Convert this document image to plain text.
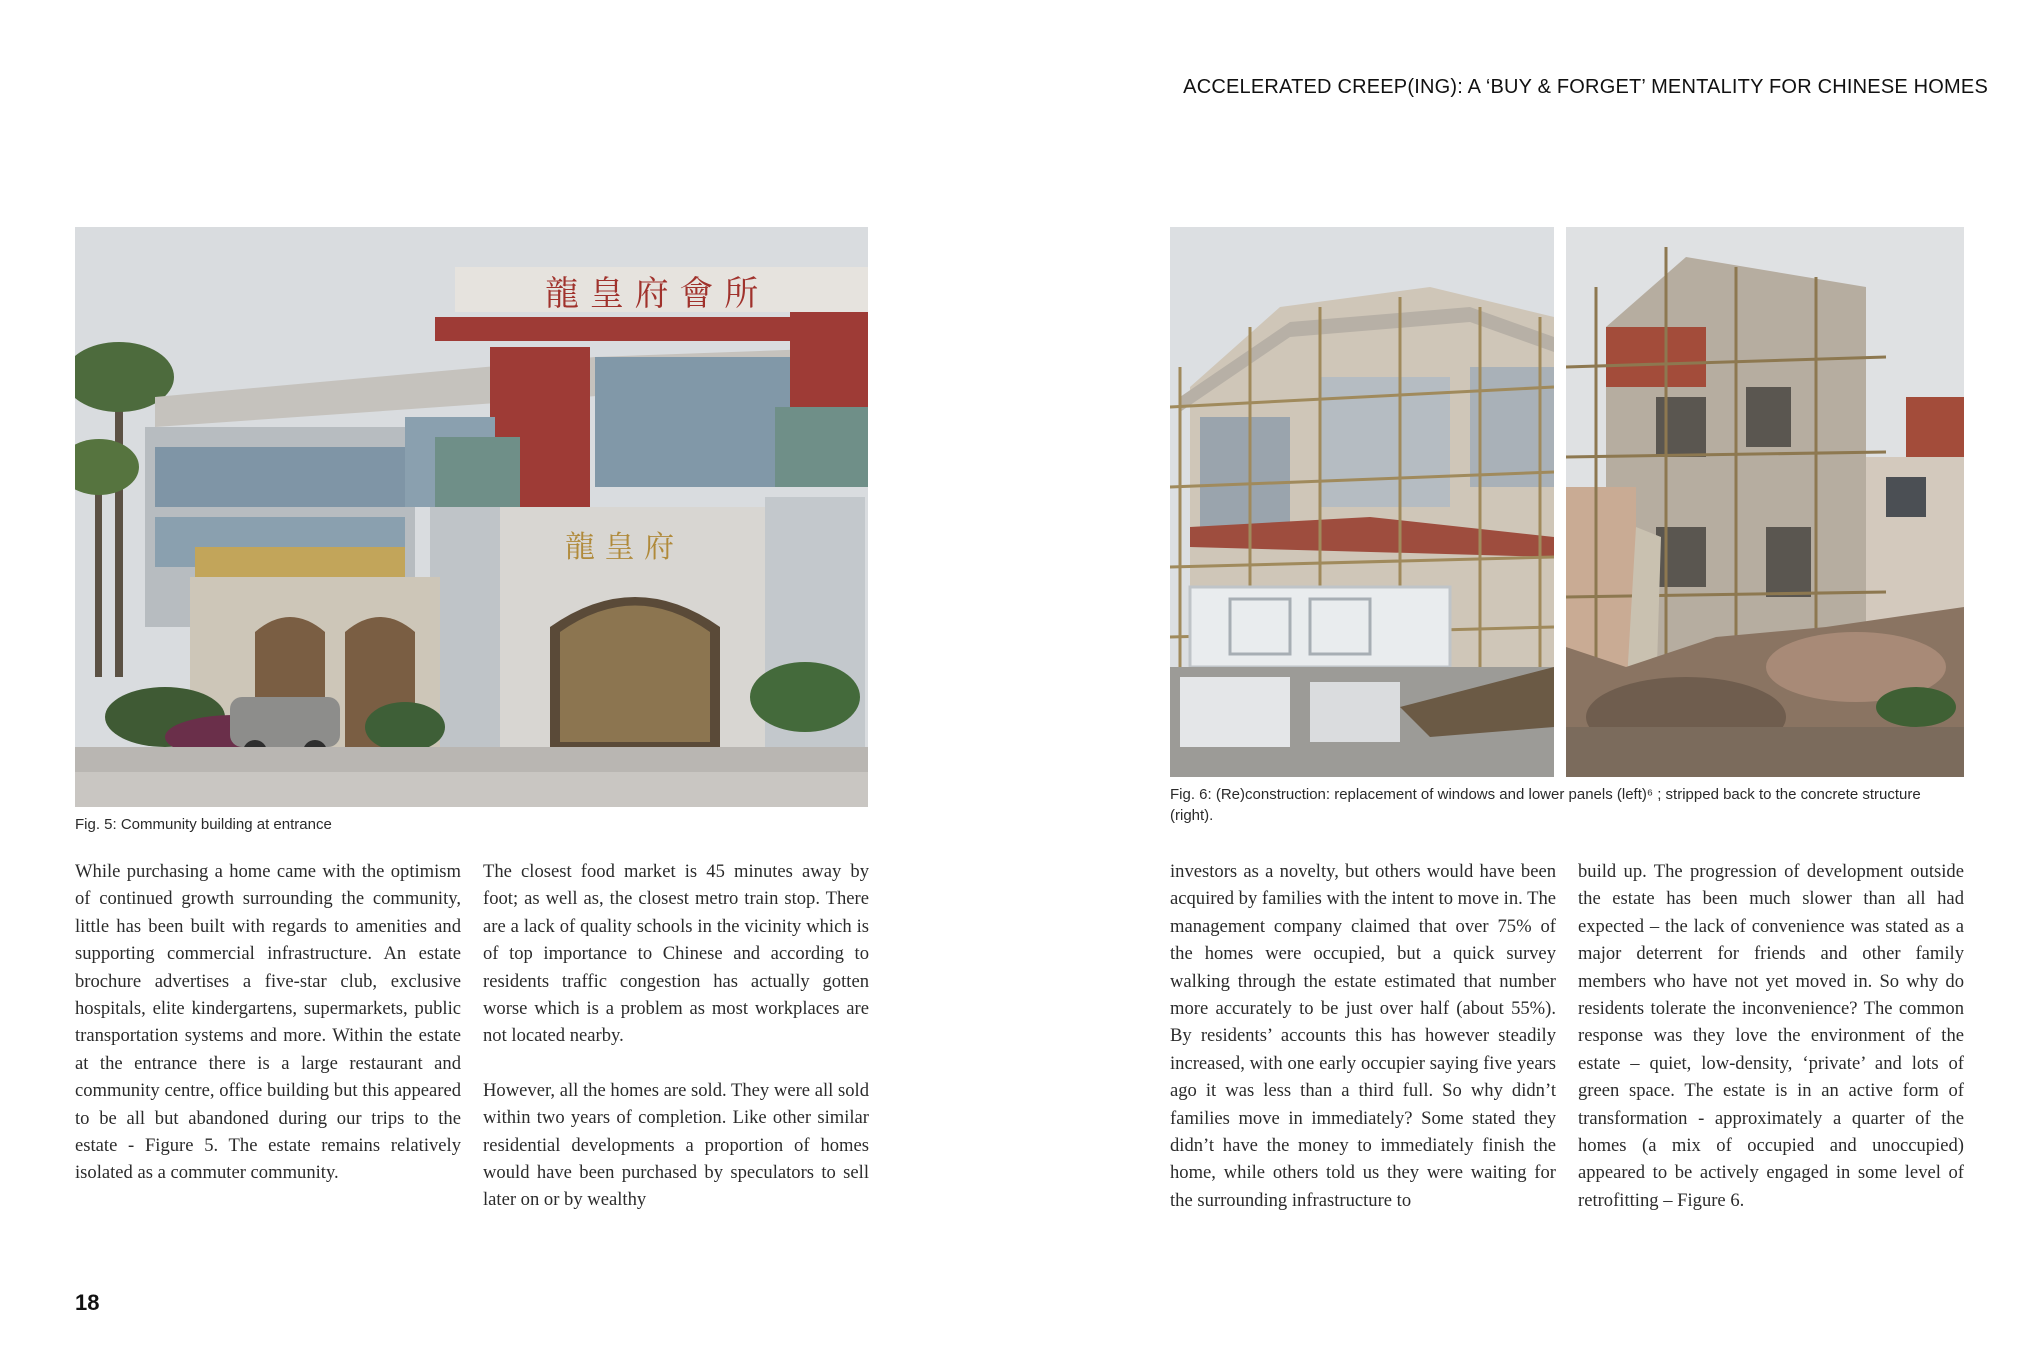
ACCELERATED CREEP(ING): A ‘BUY & FORGET’ MENTALITY FOR CHINESE HOMES
龍 皇 府 會 所
龍 皇 府
Fig. 5: Community building at entrance
Fig. 6: (Re)construction: replacement of windows and lower panels (left)⁶ ; stripped back to the concrete structure (right).

While purchasing a home came with the optimism of continued growth surrounding the community, little has been built with regards to amenities and supporting commercial infrastructure. An estate brochure advertises a five-star club, exclusive hospitals, elite kindergartens, supermarkets, public transportation systems and more. Within the estate at the entrance there is a large restaurant and community centre, office building but this appeared to be all but abandoned during our trips to the estate - Figure 5. The estate remains relatively isolated as a commuter community.

The closest food market is 45 minutes away by foot; as well as, the closest metro train stop. There are a lack of quality schools in the vicinity which is of top importance to Chinese and according to residents traffic congestion has actually gotten worse which is a problem as most workplaces are not located nearby.

However, all the homes are sold. They were all sold within two years of completion. Like other similar residential developments a proportion of homes would have been purchased by speculators to sell later on or by wealthy

investors as a novelty, but others would have been acquired by families with the intent to move in. The management company claimed that over 75% of the homes were occupied, but a quick survey walking through the estate estimated that number more accurately to be just over half (about 55%). By residents’ accounts this has however steadily increased, with one early occupier saying five years ago it was less than a third full. So why didn’t families move in immediately? Some stated they didn’t have the money to immediately finish the home, while others told us they were waiting for the surrounding infrastructure to

build up. The progression of development outside the estate has been much slower than all had expected – the lack of convenience was stated as a major deterrent for friends and other family members who have not yet moved in. So why do residents tolerate the inconvenience? The common response was they love the environment of the estate – quiet, low-density, ‘private’ and lots of green space. The estate is in an active form of transformation - approximately a quarter of the homes (a mix of occupied and unoccupied) appeared to be actively engaged in some level of retrofitting – Figure 6.

18
